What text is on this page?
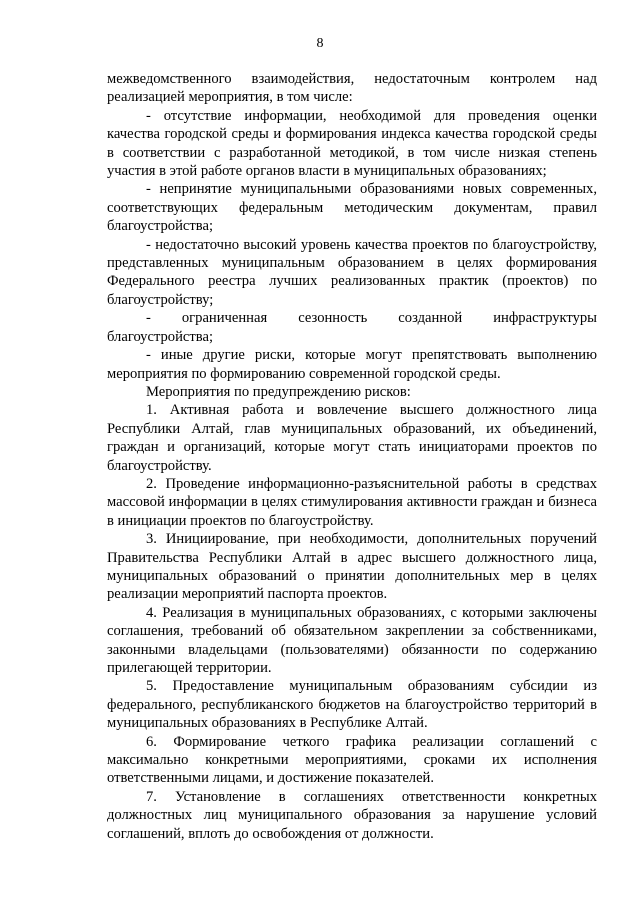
8

межведомственного взаимодействия, недостаточным контролем над реализацией мероприятия, в том числе:

- отсутствие информации, необходимой для проведения оценки качества городской среды и формирования индекса качества городской среды в соответствии с разработанной методикой, в том числе низкая степень участия в этой работе органов власти в муниципальных образованиях;

- непринятие муниципальными образованиями новых современных, соответствующих федеральным методическим документам, правил благоустройства;

- недостаточно высокий уровень качества проектов по благоустройству, представленных муниципальным образованием в целях формирования Федерального реестра лучших реализованных практик (проектов) по благоустройству;

- ограниченная сезонность созданной инфраструктуры благоустройства;

- иные другие риски, которые могут препятствовать выполнению мероприятия по формированию современной городской среды.

Мероприятия по предупреждению рисков:

1. Активная работа и вовлечение высшего должностного лица Республики Алтай, глав муниципальных образований, их объединений, граждан и организаций, которые могут стать инициаторами проектов по благоустройству.

2. Проведение информационно-разъяснительной работы в средствах массовой информации в целях стимулирования активности граждан и бизнеса в инициации проектов по благоустройству.

3. Инициирование, при необходимости, дополнительных поручений Правительства Республики Алтай в адрес высшего должностного лица, муниципальных образований о принятии дополнительных мер в целях реализации мероприятий паспорта проектов.

4. Реализация в муниципальных образованиях, с которыми заключены соглашения, требований об обязательном закреплении за собственниками, законными владельцами (пользователями) обязанности по содержанию прилегающей территории.

5. Предоставление муниципальным образованиям субсидии из федерального, республиканского бюджетов на благоустройство территорий в муниципальных образованиях в Республике Алтай.

6. Формирование четкого графика реализации соглашений с максимально конкретными мероприятиями, сроками их исполнения ответственными лицами, и достижение показателей.

7. Установление в соглашениях ответственности конкретных должностных лиц муниципального образования за нарушение условий соглашений, вплоть до освобождения от должности.
